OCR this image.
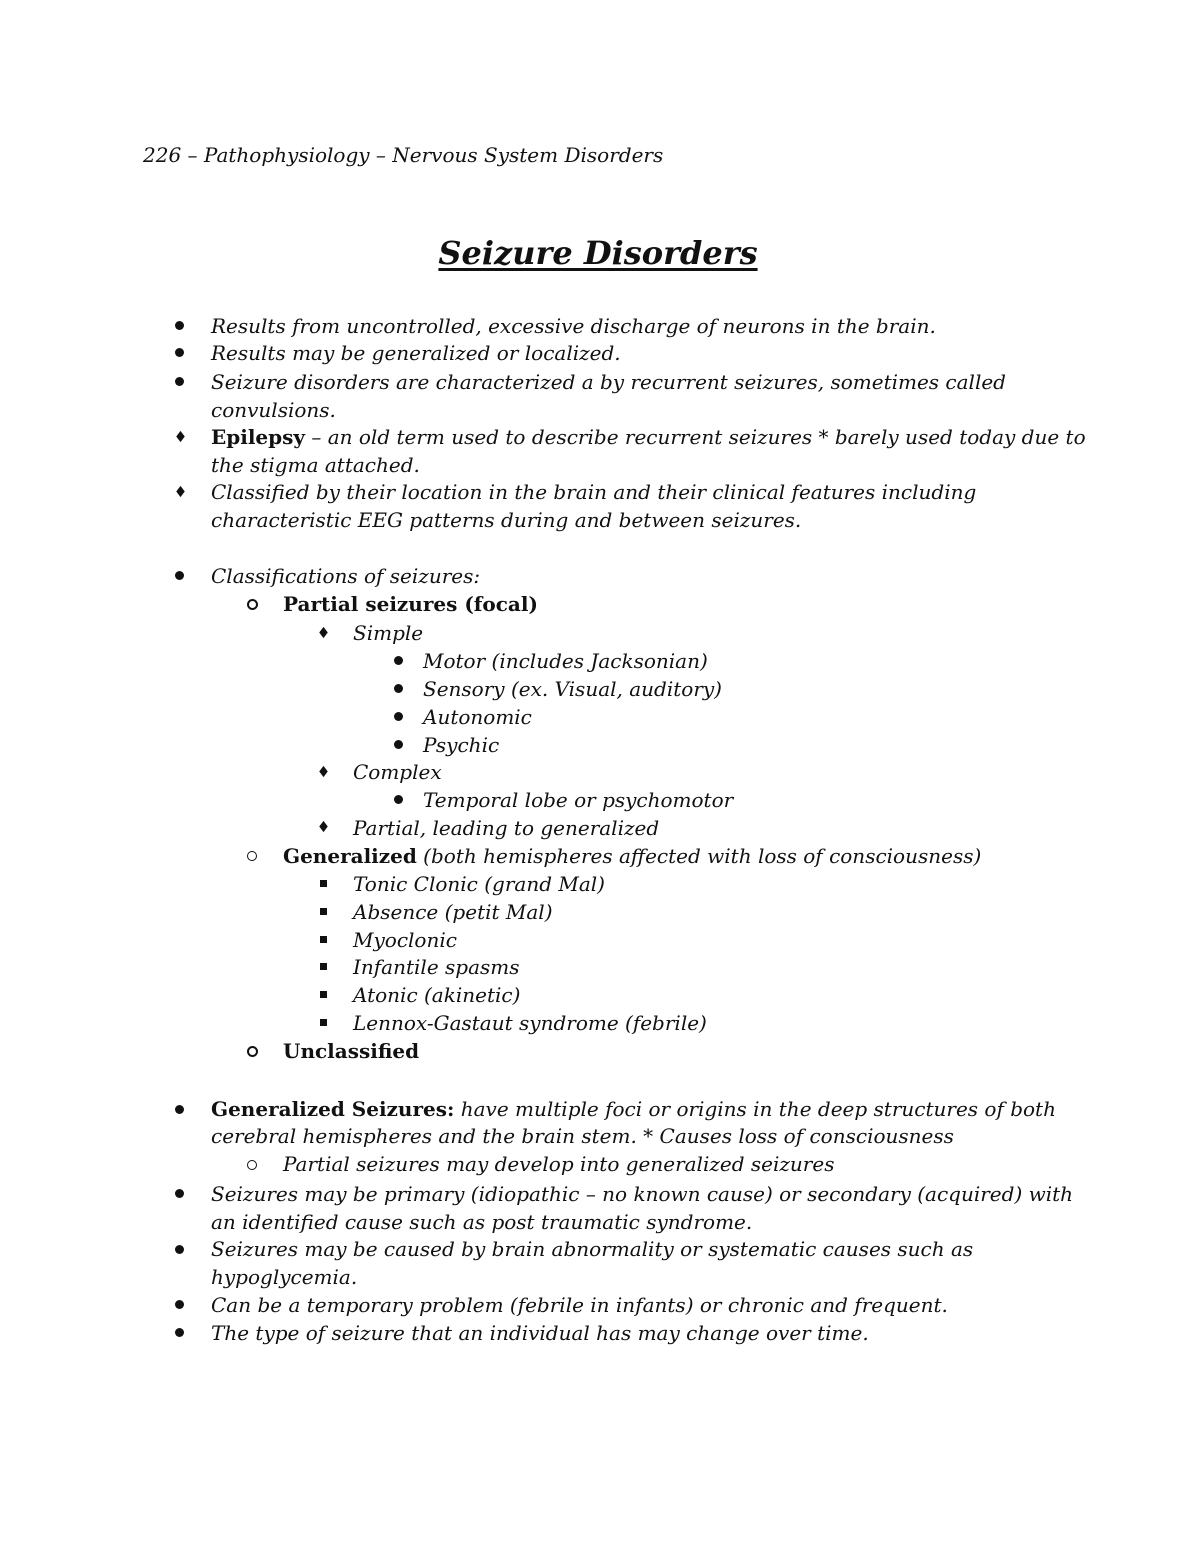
226 – Pathophysiology – Nervous System Disorders
Seizure Disorders
Results from uncontrolled, excessive discharge of neurons in the brain.
Results may be generalized or localized.
Seizure disorders are characterized a by recurrent seizures, sometimes called
convulsions.
Epilepsy – an old term used to describe recurrent seizures * barely used today due to
the stigma attached.
Classified by their location in the brain and their clinical features including
characteristic EEG patterns during and between seizures.
Classifications of seizures:
Partial seizures (focal)
Simple
Motor (includes Jacksonian)
Sensory (ex. Visual, auditory)
Autonomic
Psychic
Complex
Temporal lobe or psychomotor
Partial, leading to generalized
Generalized (both hemispheres affected with loss of consciousness)
Tonic Clonic (grand Mal)
Absence (petit Mal)
Myoclonic
Infantile spasms
Atonic (akinetic)
Lennox-Gastaut syndrome (febrile)
Unclassified
Generalized Seizures: have multiple foci or origins in the deep structures of both
cerebral hemispheres and the brain stem. * Causes loss of consciousness
Partial seizures may develop into generalized seizures
Seizures may be primary (idiopathic – no known cause) or secondary (acquired) with
an identified cause such as post traumatic syndrome.
Seizures may be caused by brain abnormality or systematic causes such as
hypoglycemia.
Can be a temporary problem (febrile in infants) or chronic and frequent.
The type of seizure that an individual has may change over time.
